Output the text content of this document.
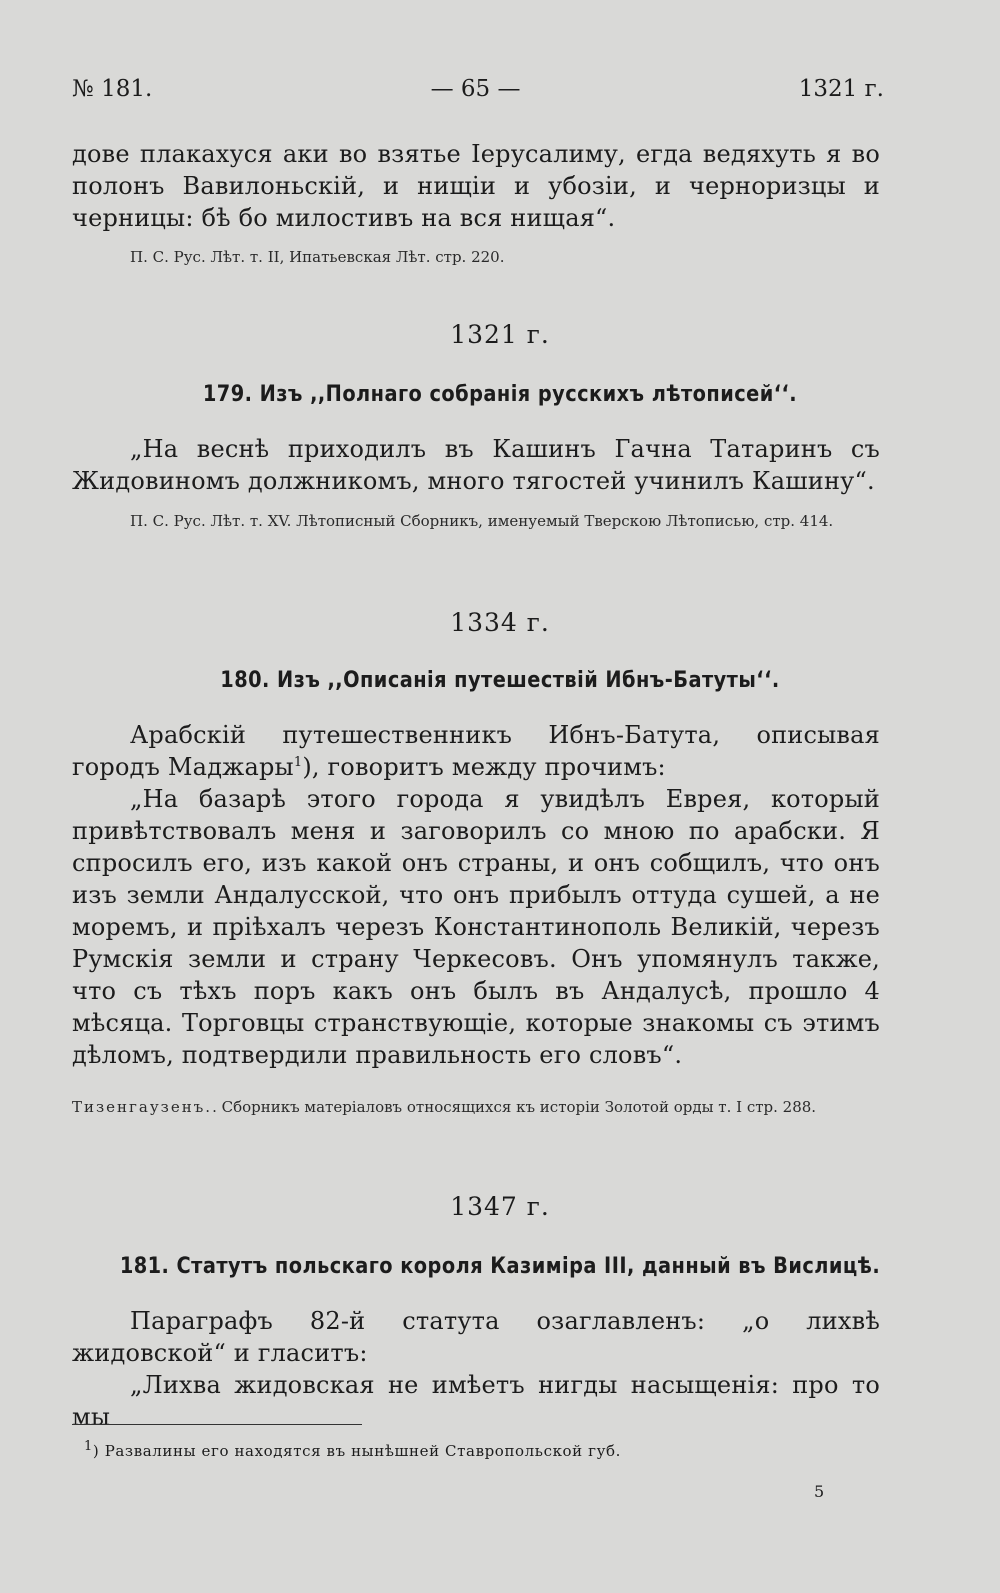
№ 181.	— 65 —	1321 г.

дове плакахуся аки во взятье Іерусалиму, егда ведяхуть я во полонъ Вавилоньскій, и нищіи и убозіи, и черноризцы и черницы: бѣ бо милостивъ на вся нищая“.

П. С. Рус. Лѣт. т. II, Ипатьевская Лѣт. стр. 220.
1321 г.
179. Изъ ,,Полнаго собранія русскихъ лѣтописей‘‘.

„На веснѣ приходилъ въ Кашинъ Гачна Татаринъ съ Жидовиномъ должникомъ, много тягостей учинилъ Кашину“.

П. С. Рус. Лѣт. т. XV. Лѣтописный Сборникъ, именуемый Тверскою Лѣтописью, стр. 414.
1334 г.
180. Изъ ,,Описанія путешествій Ибнъ-Батуты‘‘.

Арабскій путешественникъ Ибнъ-Батута, описывая городъ Маджары$^1$), говоритъ между прочимъ:

„На базарѣ этого города я увидѣлъ Еврея, который привѣтствовалъ меня и заговорилъ со мною по арабски. Я спросилъ его, изъ какой онъ страны, и онъ собщилъ, что онъ изъ земли Андалусской, что онъ прибылъ оттуда сушей, а не моремъ, и пріѣхалъ черезъ Константинополь Великій, черезъ Румскія земли и страну Черкесовъ. Онъ упомянулъ также, что съ тѣхъ поръ какъ онъ былъ въ Андалусѣ, прошло 4 мѣсяца. Торговцы странствующіе, которые знакомы съ этимъ дѣломъ, подтвердили правильность его словъ“.

Тизенгаузенъ.. Сборникъ матеріаловъ относящихся къ исторіи Золотой орды т. I стр. 288.
1347 г.
181. Статутъ польскаго короля Казиміра III, данный въ Вислицѣ.

Параграфъ 82-й статута озаглавленъ: „о лихвѣ жидовской“ и гласитъ:

„Лихва жидовская не имѣетъ нигды насыщенія: про то мы

$^1$) Развалины его находятся въ нынѣшней Ставропольской губ.
5
